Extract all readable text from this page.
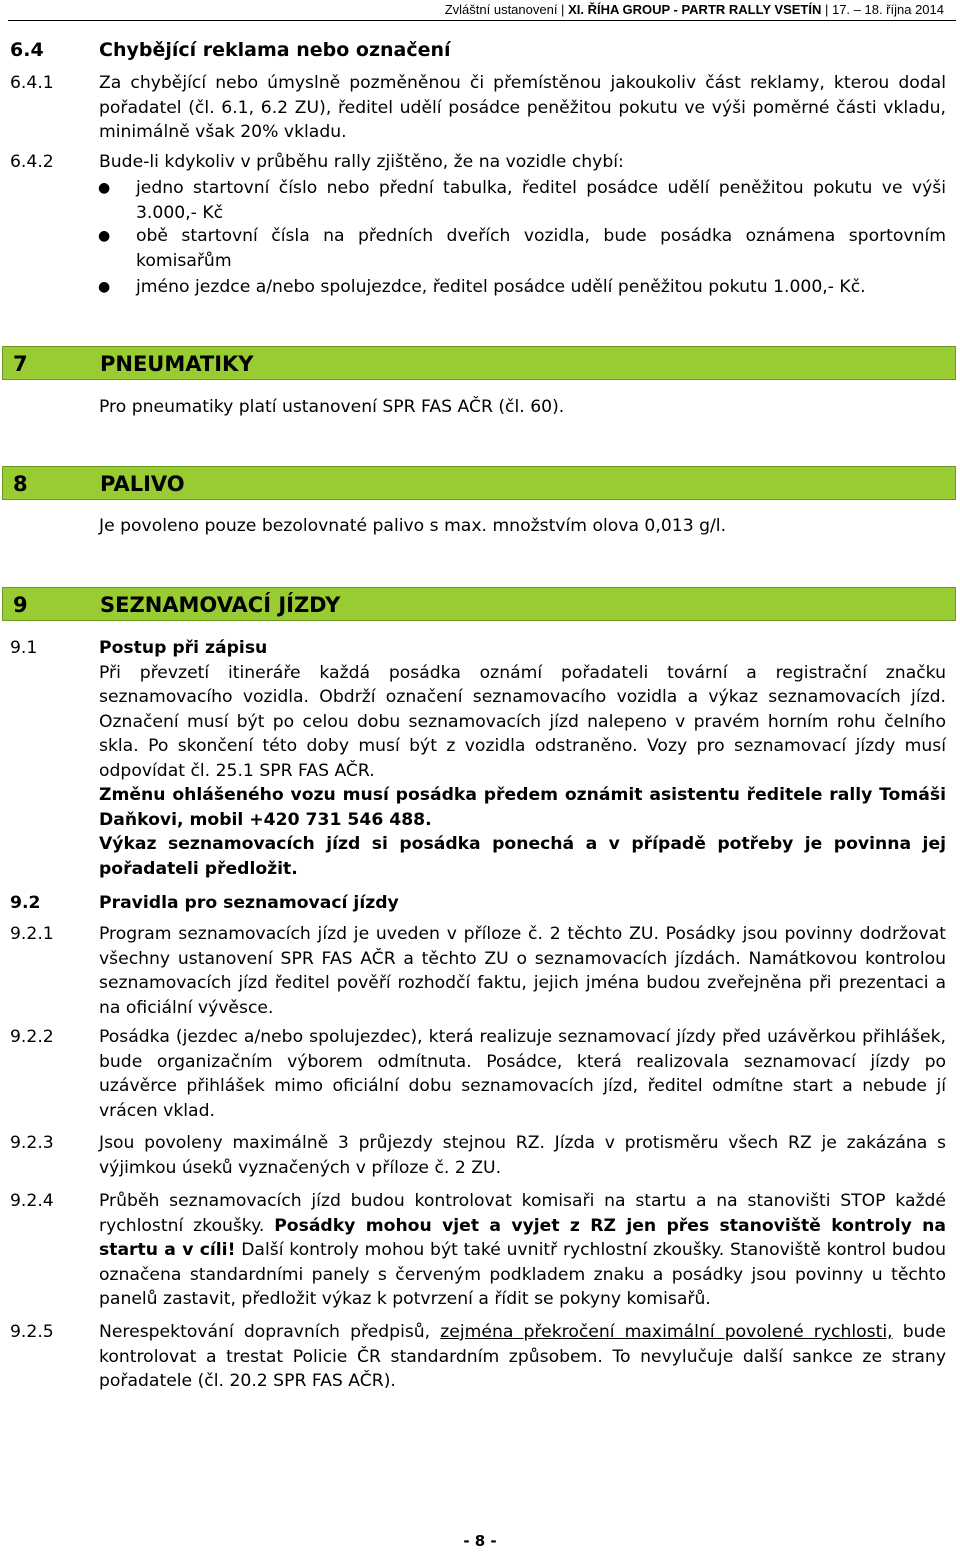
Zvláštní ustanovení | XI. ŘÍHA GROUP - PARTR RALLY VSETÍN | 17. – 18. října 2014
6.4	Chybějící reklama nebo označení
6.4.1	Za chybějící nebo úmyslně pozměněnou či přemístěnou jakoukoliv část reklamy, kterou dodal pořadatel (čl. 6.1, 6.2 ZU), ředitel udělí posádce peněžitou pokutu ve výši poměrné části vkladu, minimálně však 20% vkladu.
6.4.2	Bude-li kdykoliv v průběhu rally zjištěno, že na vozidle chybí:
● jedno startovní číslo nebo přední tabulka, ředitel posádce udělí peněžitou pokutu ve výši 3.000,- Kč
● obě startovní čísla na předních dveřích vozidla, bude posádka oznámena sportovním komisařům
● jméno jezdce a/nebo spolujezdce, ředitel posádce udělí peněžitou pokutu 1.000,- Kč.
7	PNEUMATIKY
Pro pneumatiky platí ustanovení SPR FAS AČR (čl. 60).
8	PALIVO
Je povoleno pouze bezolovnaté palivo s max. množstvím olova 0,013 g/l.
9	SEZNAMOVACÍ JÍZDY
9.1	Postup při zápisu
Při převzetí itineráře každá posádka oznámí pořadateli tovární a registrační značku seznamovacího vozidla. Obdrží označení seznamovacího vozidla a výkaz seznamovacích jízd. Označení musí být po celou dobu seznamovacích jízd nalepeno v pravém horním rohu čelního skla. Po skončení této doby musí být z vozidla odstraněno. Vozy pro seznamovací jízdy musí odpovídat čl. 25.1 SPR FAS AČR.
Změnu ohlášeného vozu musí posádka předem oznámit asistentu ředitele rally Tomáši Daňkovi, mobil +420 731 546 488.
Výkaz seznamovacích jízd si posádka ponechá a v případě potřeby je povinna jej pořadateli předložit.
9.2	Pravidla pro seznamovací jízdy
9.2.1	Program seznamovacích jízd je uveden v příloze č. 2 těchto ZU. Posádky jsou povinny dodržovat všechny ustanovení SPR FAS AČR a těchto ZU o seznamovacích jízdách. Namátkovou kontrolou seznamovacích jízd ředitel pověří rozhodčí faktu, jejich jména budou zveřejněna při prezentaci a na oficiální vývěsce.
9.2.2	Posádka (jezdec a/nebo spolujezdec), která realizuje seznamovací jízdy před uzávěrkou přihlášek, bude organizačním výborem odmítnuta. Posádce, která realizovala seznamovací jízdy po uzávěrce přihlášek mimo oficiální dobu seznamovacích jízd, ředitel odmítne start a nebude jí vrácen vklad.
9.2.3	Jsou povoleny maximálně 3 průjezdy stejnou RZ. Jízda v protisměru všech RZ je zakázána s výjimkou úseků vyznačených v příloze č. 2 ZU.
9.2.4	Průběh seznamovacích jízd budou kontrolovat komisaři na startu a na stanovišti STOP každé rychlostní zkoušky. Posádky mohou vjet a vyjet z RZ jen přes stanoviště kontroly na startu a v cíli! Další kontroly mohou být také uvnitř rychlostní zkoušky. Stanoviště kontrol budou označena standardními panely s červeným podkladem znaku a posádky jsou povinny u těchto panelů zastavit, předložit výkaz k potvrzení a řídit se pokyny komisařů.
9.2.5	Nerespektování dopravních předpisů, zejména překročení maximální povolené rychlosti, bude kontrolovat a trestat Policie ČR standardním způsobem. To nevylučuje další sankce ze strany pořadatele (čl. 20.2 SPR FAS AČR).
- 8 -
